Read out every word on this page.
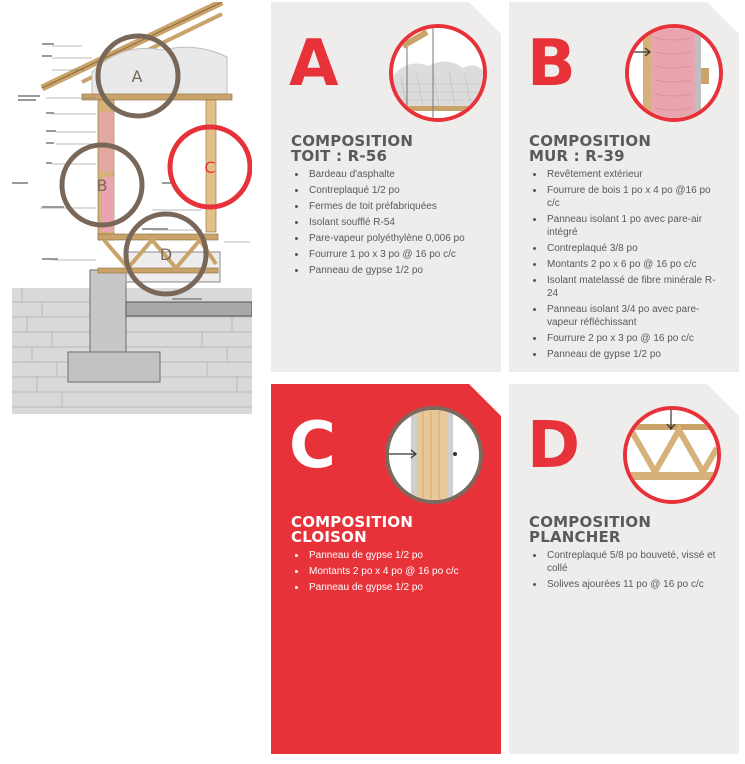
A
B
C
D
A
COMPOSITION
TOIT : R-56
• Bardeau d'asphalte
• Contreplaqué 1/2 po
• Fermes de toit préfabriquées
• Isolant soufflé R-54
• Pare-vapeur polyéthylène 0,006 po
• Fourrure 1 po x 3 po @ 16 po c/c
• Panneau de gypse 1/2 po
B
COMPOSITION
MUR : R-39
• Revêtement extérieur
• Fourrure de bois 1 po x 4 po @16 po c/c
• Panneau isolant 1 po avec pare-air intégré
• Contreplaqué 3/8 po
• Montants 2 po x 6 po @ 16 po c/c
• Isolant matelassé de fibre minérale R-24
• Panneau isolant 3/4 po avec pare-vapeur réfléchissant
• Fourrure 2 po x 3 po @ 16 po c/c
• Panneau de gypse 1/2 po
C
COMPOSITION
CLOISON
• Panneau de gypse 1/2 po
• Montants 2 po x 4 po @ 16 po c/c
• Panneau de gypse 1/2 po
D
COMPOSITION
PLANCHER
• Contreplaqué 5/8 po bouveté, vissé et collé
• Solives ajourées 11 po @ 16 po c/c
